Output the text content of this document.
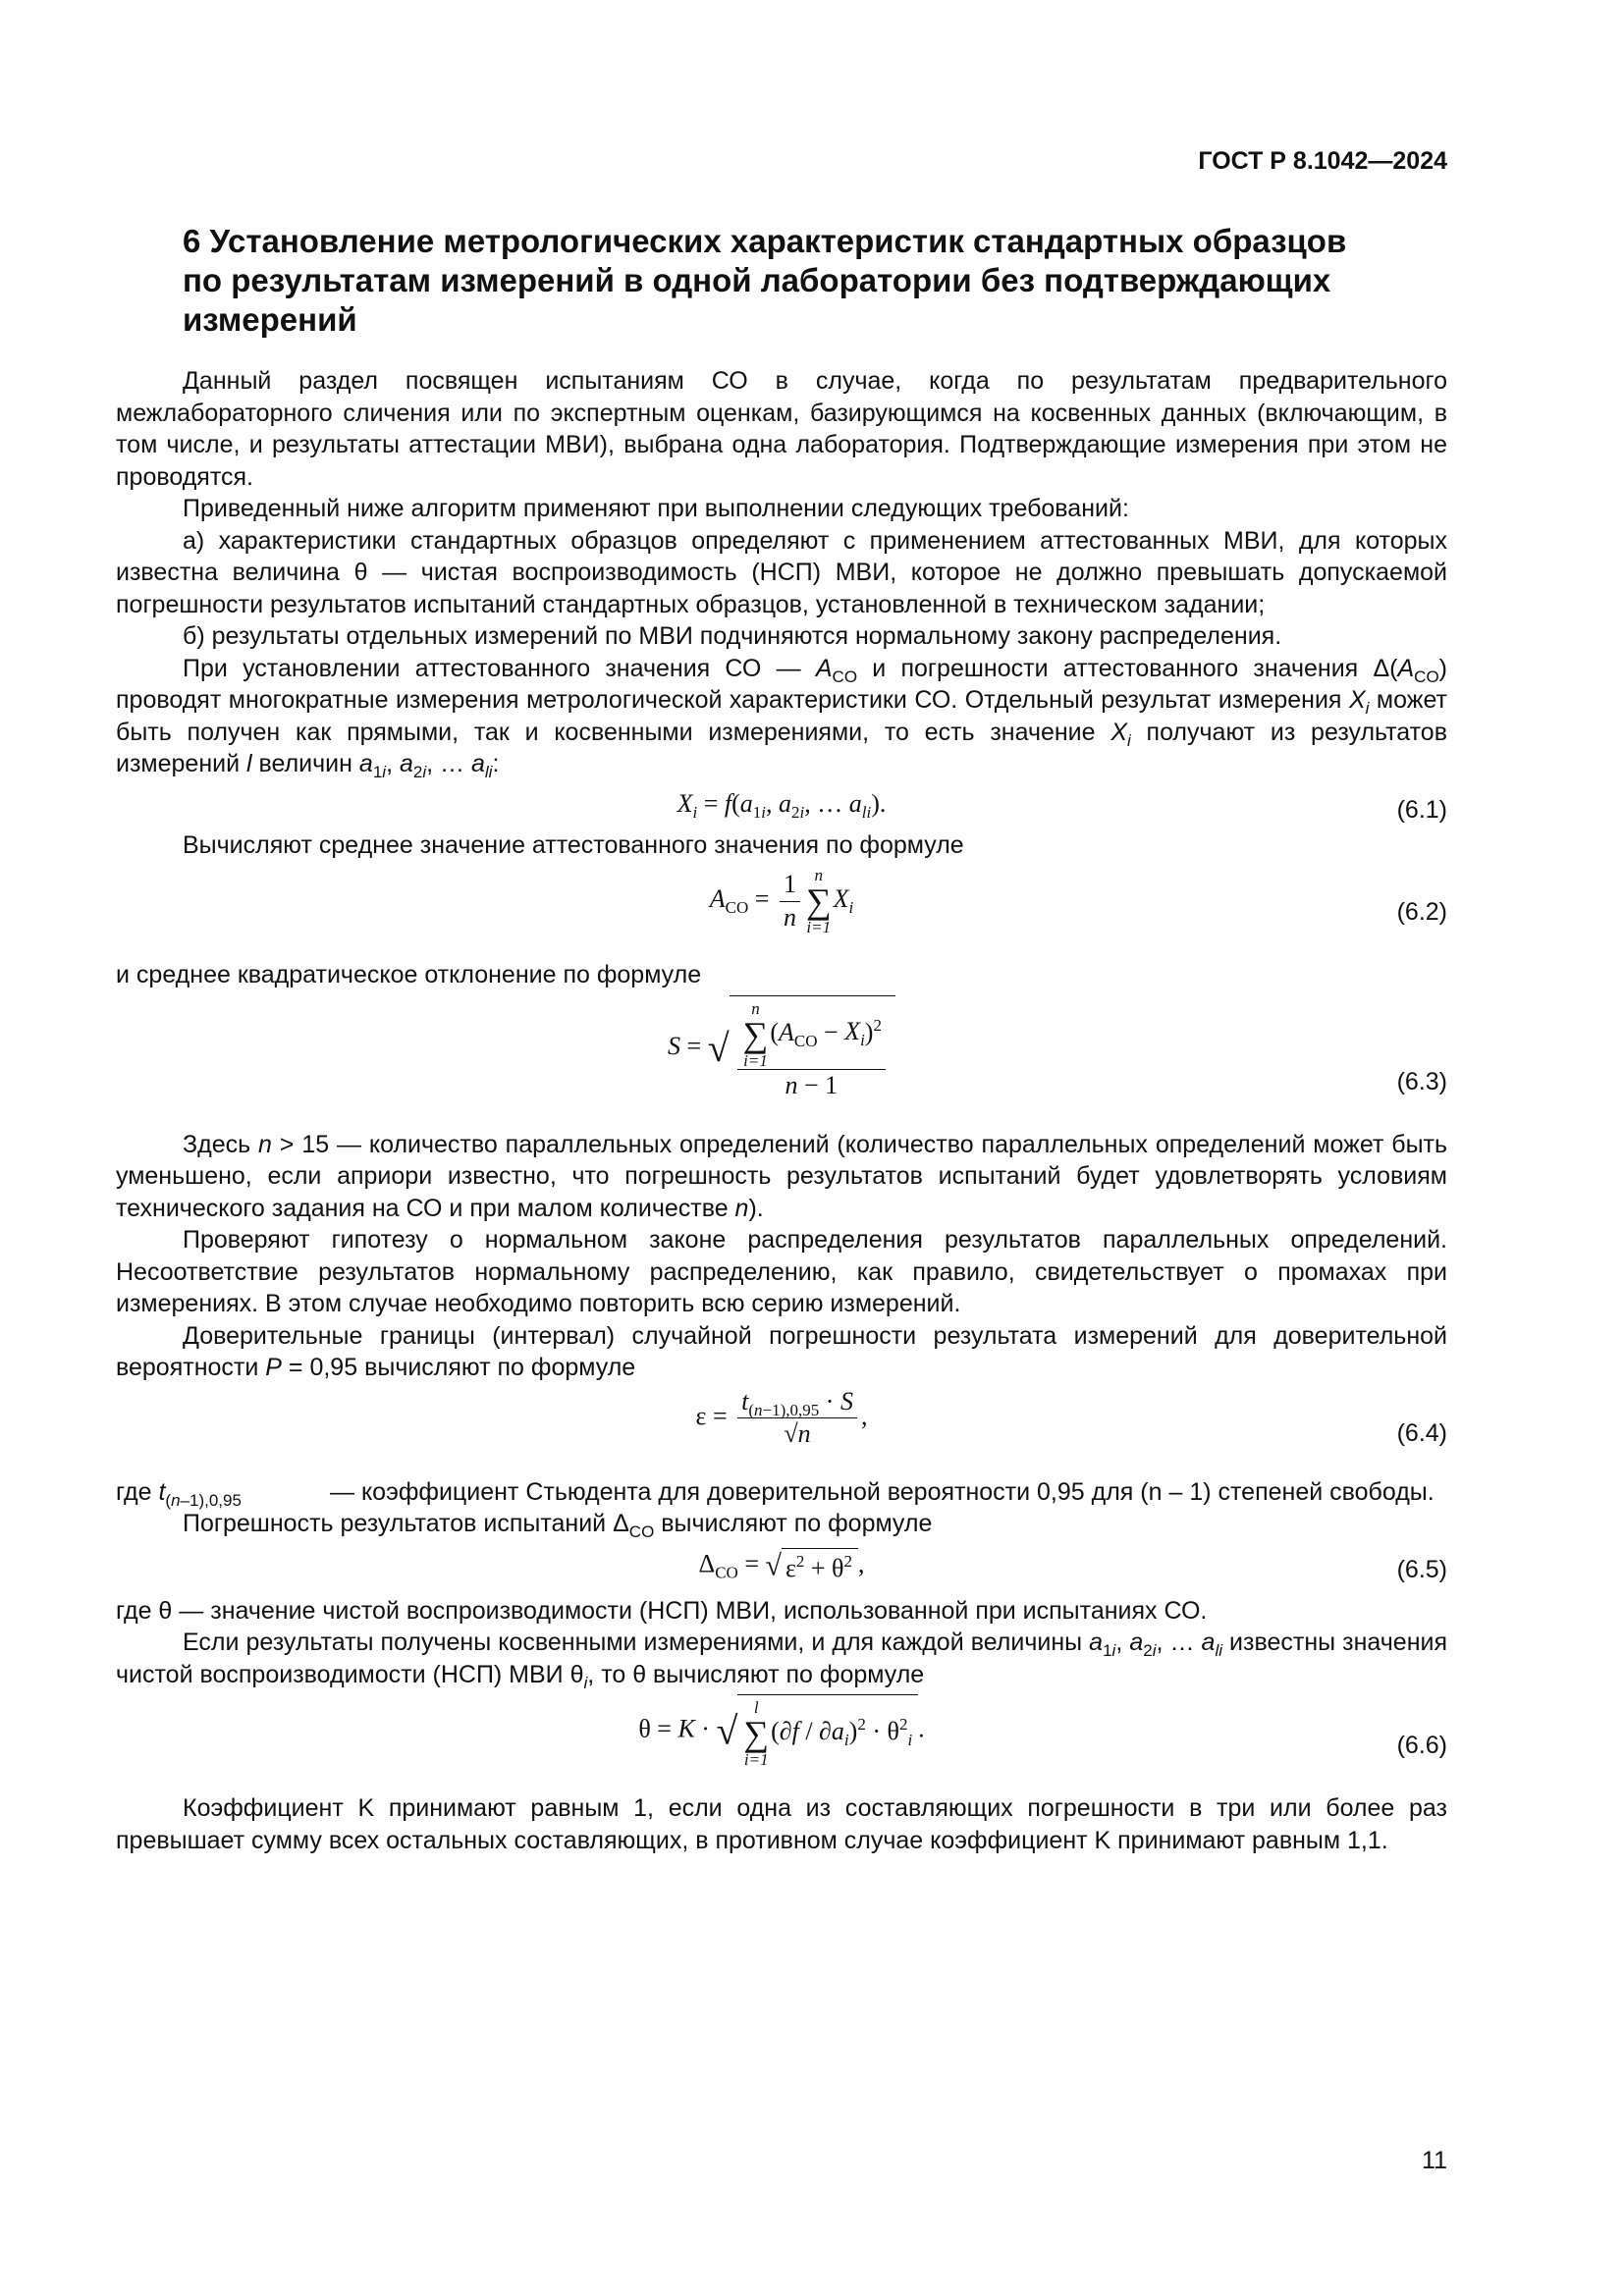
ГОСТ Р 8.1042—2024
6 Установление метрологических характеристик стандартных образцов
по результатам измерений в одной лаборатории без подтверждающих
измерений

Данный раздел посвящен испытаниям СО в случае, когда по результатам предварительного межлабораторного сличения или по экспертным оценкам, базирующимся на косвенных данных (включающим, в том числе, и результаты аттестации МВИ), выбрана одна лаборатория. Подтверждающие измерения при этом не проводятся.

Приведенный ниже алгоритм применяют при выполнении следующих требований:

а) характеристики стандартных образцов определяют с применением аттестованных МВИ, для которых известна величина θ — чистая воспроизводимость (НСП) МВИ, которое не должно превышать допускаемой погрешности результатов испытаний стандартных образцов, установленной в техническом задании;

б) результаты отдельных измерений по МВИ подчиняются нормальному закону распределения.

При установлении аттестованного значения СО — $A_{CO}$ и погрешности аттестованного значения $\Delta(A_{CO})$ проводят многократные измерения метрологической характеристики СО. Отдельный результат измерения $X_i$ может быть получен как прямыми, так и косвенными измерениями, то есть значение $X_i$ получают из результатов измерений l величин $a_{1i}$, $a_{2i}$, … $a_{li}$:

$X_i = f(a_{1i}$, $a_{2i}$, … $a_{li}$).	(6.1)

Вычисляют среднее значение аттестованного значения по формуле

$A_{CO} = \frac{1}{n}$ n
∑
i=1
$X_i$	(6.2)

и среднее квадратическое отклонение по формуле

S = √ n
∑
i=1
$(A_{CO} - X_i)^2$
n − 1	(6.3)

Здесь n > 15 — количество параллельных определений (количество параллельных определений может быть уменьшено, если априори известно, что погрешность результатов испытаний будет удовлетворять условиям технического задания на СО и при малом количестве n).

Проверяют гипотезу о нормальном законе распределения результатов параллельных определений. Несоответствие результатов нормальному распределению, как правило, свидетельствует о промахах при измерениях. В этом случае необходимо повторить всю серию измерений.

Доверительные границы (интервал) случайной погрешности результата измерений для доверительной вероятности P = 0,95 вычисляют по формуле

$\varepsilon = \frac{t_{(n-1),0,95} \cdot S}{√n}$ ,
(6.4)
где $t_{(n-1),0,95}$	— коэффициент Стьюдента для доверительной вероятности 0,95 для (n – 1) степеней свободы.

Погрешность результатов испытаний $\Delta_{CO}$ вычисляют по формуле

$\Delta_{CO}$ = √ $\varepsilon^2 + \theta^2$ ,	(6.5)

где θ — значение чистой воспроизводимости (НСП) МВИ, использованной при испытаниях СО.

Если результаты получены косвенными измерениями, и для каждой величины $a_{1i}$, $a_{2i}$, … $a_{li}$ известны значения чистой воспроизводимости (НСП) МВИ $\theta_i$, то θ вычисляют по формуле

θ = K · √
l
∑
i=1
$(\partial f / \partial a_i)^2 \cdot \theta^2_i$ .
(6.6)

Коэффициент K принимают равным 1, если одна из составляющих погрешности в три или более раз превышает сумму всех остальных составляющих, в противном случае коэффициент K принимают равным 1,1.

11
